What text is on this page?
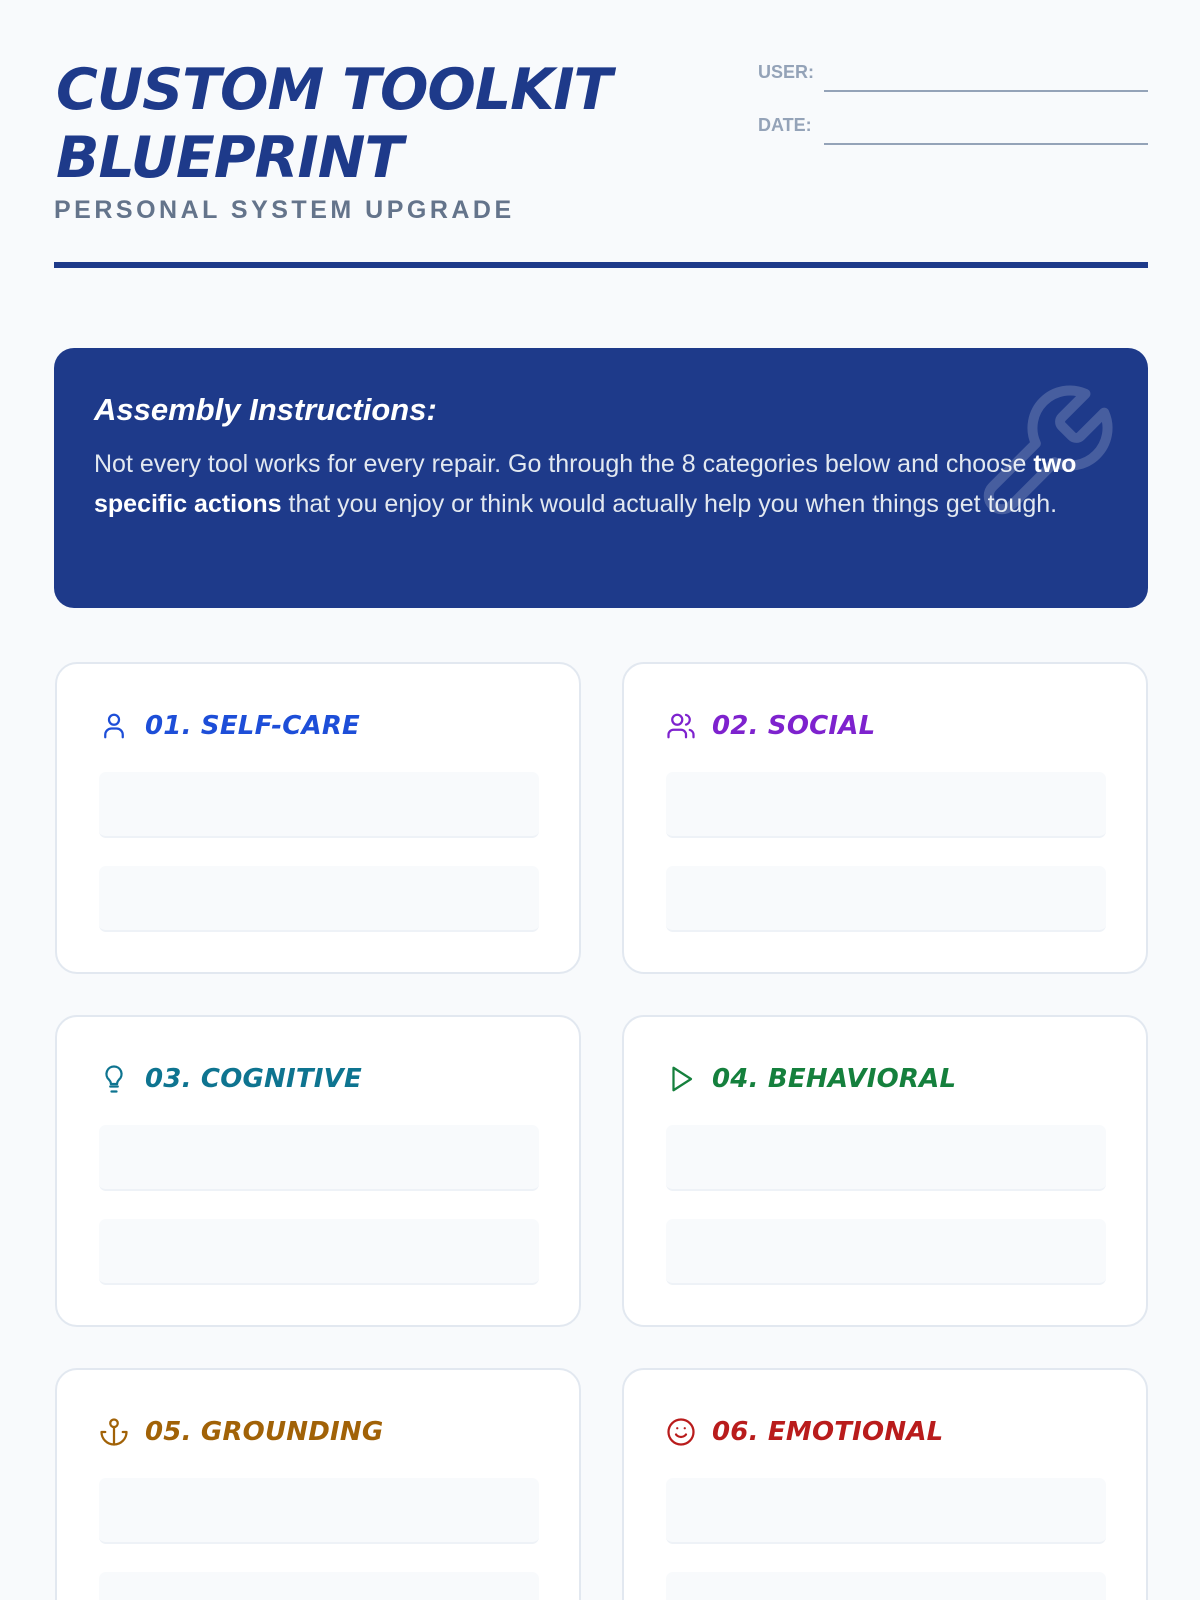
CUSTOM TOOLKIT BLUEPRINT
PERSONAL SYSTEM UPGRADE
USER:
DATE:
Assembly Instructions:

Not every tool works for every repair. Go through the 8 categories below and choose two specific actions that you enjoy or think would actually help you when things get tough.

01. SELF-CARE	02. SOCIAL
03. COGNITIVE	04. BEHAVIORAL
05. GROUNDING	06. EMOTIONAL
